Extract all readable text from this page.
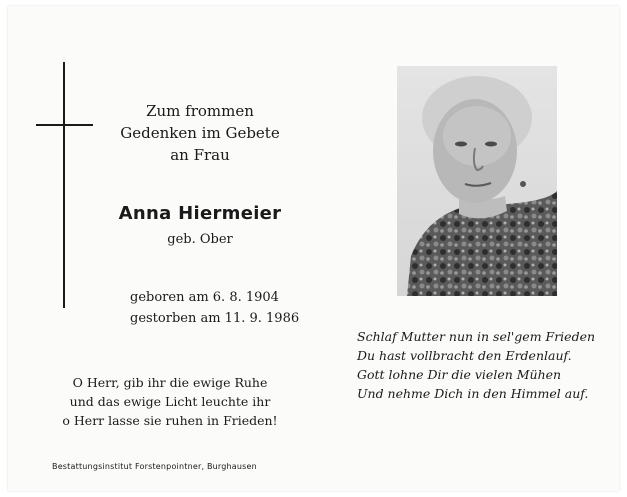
Zum frommen
Gedenken im Gebete
an Frau
Anna Hiermeier
geb. Ober
geboren am 6. 8. 1904
gestorben am 11. 9. 1986
O Herr, gib ihr die ewige Ruhe
und das ewige Licht leuchte ihr
o Herr lasse sie ruhen in Frieden!
Bestattungsinstitut Forstenpointner, Burghausen
Schlaf Mutter nun in sel'gem Frieden
Du hast vollbracht den Erdenlauf.
Gott lohne Dir die vielen Mühen
Und nehme Dich in den Himmel auf.
